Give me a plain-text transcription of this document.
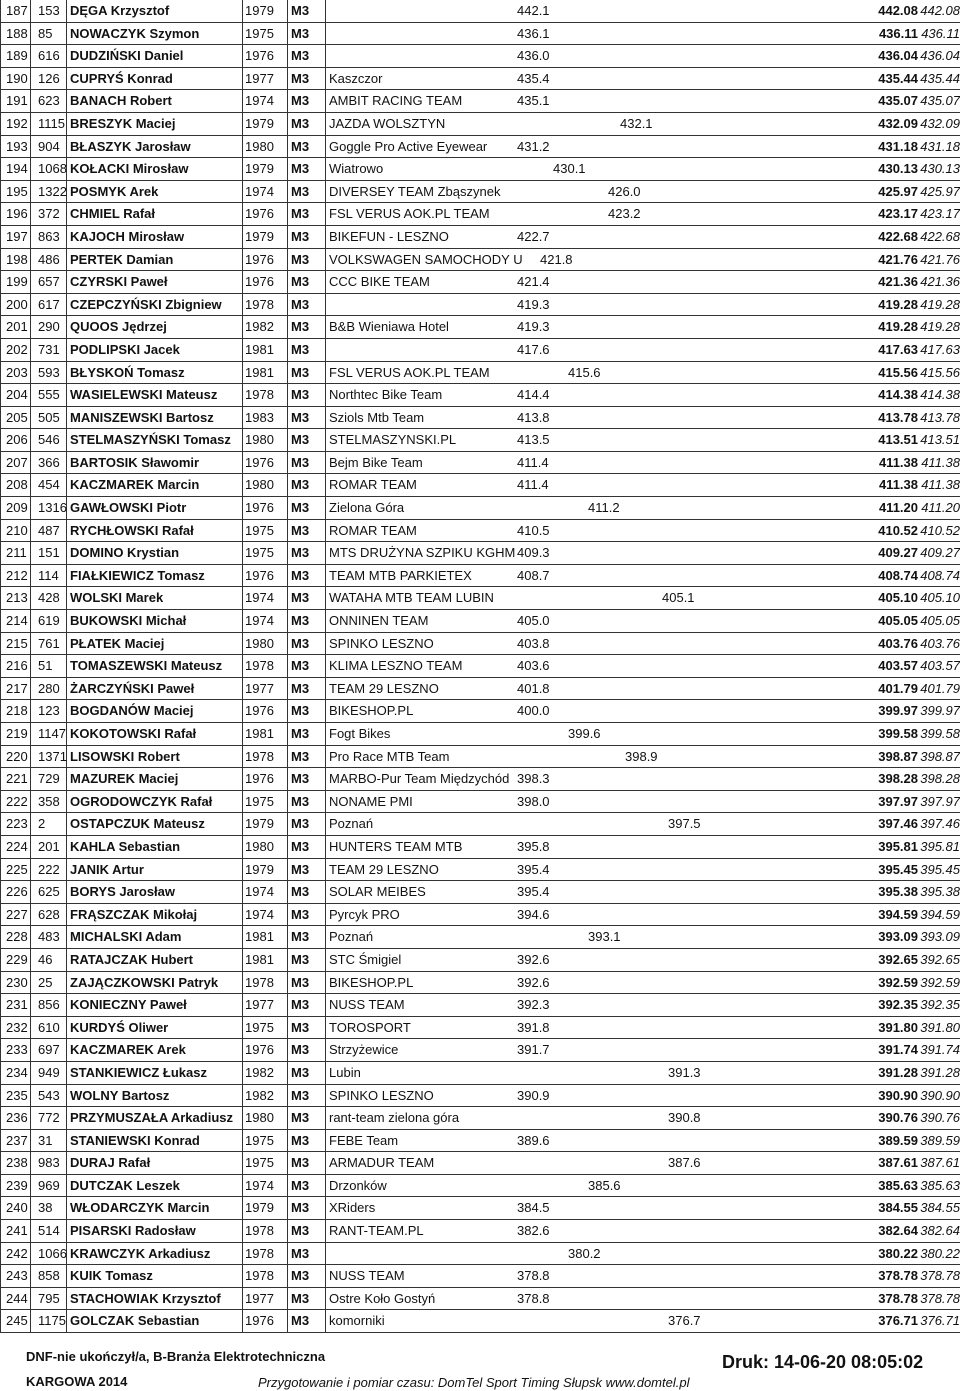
187 153 DĘGA Krzysztof	1979 M3	442.1	442.08 442.08
188 85 NOWACZYK Szymon	1975 M3	436.1	436.11 436.11
189 616 DUDZIŃSKI Daniel	1976 M3	436.0	436.04 436.04
190 126 CUPRYŚ Konrad	1977 M3 Kaszczor	435.4	435.44 435.44
191 623 BANACH Robert	1974 M3 AMBIT RACING TEAM	435.1	435.07 435.07
192 1115 BRESZYK Maciej	1979 M3 JAZDA WOLSZTYN	432.1	432.09 432.09
193 904 BŁASZYK Jarosław	1980 M3 Goggle Pro Active Eyewear 431.2	431.18 431.18
194 1068 KOŁACKI Mirosław	1979 M3 Wiatrowo	430.1	430.13 430.13
195 1322 POSMYK Arek	1974 M3 DIVERSEY TEAM Zbąszynek	426.0	425.97 425.97
196 372 CHMIEL Rafał	1976 M3 FSL VERUS AOK.PL TEAM	423.2	423.17 423.17
197 863 KAJOCH Mirosław	1979 M3 BIKEFUN - LESZNO	422.7	422.68 422.68
198 486 PERTEK Damian	1976 M3 VOLKSWAGEN SAMOCHODY U 421.8	421.76 421.76
199 657 CZYRSKI Paweł	1976 M3 CCC BIKE TEAM	421.4	421.36 421.36
200 617 CZEPCZYŃSKI Zbigniew 1978 M3	419.3	419.28 419.28
201 290 QUOOS Jędrzej	1982 M3 B&B Wieniawa Hotel	419.3	419.28 419.28
202 731 PODLIPSKI Jacek	1981 M3	417.6	417.63 417.63
203 593 BŁYSKOŃ Tomasz	1981 M3 FSL VERUS AOK.PL TEAM	415.6	415.56 415.56
204 555 WASIELEWSKI Mateusz 1978 M3 Northtec Bike Team	414.4	414.38 414.38
205 505 MANISZEWSKI Bartosz 1983 M3 Sziols Mtb Team	413.8	413.78 413.78
206 546 STELMASZYŃSKI Tomasz 1980 M3 STELMASZYNSKI.PL	413.5	413.51 413.51
207 366 BARTOSIK Sławomir	1976 M3 Bejm Bike Team	411.4	411.38 411.38
208 454 KACZMAREK Marcin	1980 M3 ROMAR TEAM	411.4	411.38 411.38
209 1316 GAWŁOWSKI Piotr	1976 M3 Zielona Góra	411.2	411.20 411.20
210 487 RYCHŁOWSKI Rafał	1975 M3 ROMAR TEAM	410.5	410.52 410.52
211 151 DOMINO Krystian	1975 M3 MTS DRUŻYNA SZPIKU KGHM 409.3	409.27 409.27
212 114 FIAŁKIEWICZ Tomasz	1976 M3 TEAM MTB PARKIETEX	408.7	408.74 408.74
213 428 WOLSKI Marek	1974 M3 WATAHA MTB TEAM LUBIN	405.1	405.10 405.10
214 619 BUKOWSKI Michał	1974 M3 ONNINEN TEAM	405.0	405.05 405.05
215 761 PŁATEK Maciej	1980 M3 SPINKO LESZNO	403.8	403.76 403.76
216 51 TOMASZEWSKI Mateusz 1978 M3 KLIMA LESZNO TEAM	403.6	403.57 403.57
217 280 ŻARCZYŃSKI Paweł	1977 M3 TEAM 29 LESZNO	401.8	401.79 401.79
218 123 BOGDANÓW Maciej	1976 M3 BIKESHOP.PL	400.0	399.97 399.97
219 1147 KOKOTOWSKI Rafał	1981 M3 Fogt Bikes	399.6	399.58 399.58
220 1371 LISOWSKI Robert	1978 M3 Pro Race MTB Team	398.9	398.87 398.87
221 729 MAZUREK Maciej	1976 M3 MARBO-Pur Team Międzychód 398.3	398.28 398.28
222 358 OGRODOWCZYK Rafał	1975 M3 NONAME PMI	398.0	397.97 397.97
223 2 OSTAPCZUK Mateusz	1979 M3 Poznań	397.5	397.46 397.46
224 201 KAHLA Sebastian	1980 M3 HUNTERS TEAM MTB	395.8	395.81 395.81
225 222 JANIK Artur	1979 M3 TEAM 29 LESZNO	395.4	395.45 395.45
226 625 BORYS Jarosław	1974 M3 SOLAR MEIBES	395.4	395.38 395.38
227 628 FRĄSZCZAK Mikołaj	1974 M3 Pyrcyk PRO	394.6	394.59 394.59
228 483 MICHALSKI Adam	1981 M3 Poznań	393.1	393.09 393.09
229 46 RATAJCZAK Hubert	1981 M3 STC Śmigiel	392.6	392.65 392.65
230 25 ZAJĄCZKOWSKI Patryk 1978 M3 BIKESHOP.PL	392.6	392.59 392.59
231 856 KONIECZNY Paweł	1977 M3 NUSS TEAM	392.3	392.35 392.35
232 610 KURDYŚ Oliwer	1975 M3 TOROSPORT	391.8	391.80 391.80
233 697 KACZMAREK Arek	1976 M3 Strzyżewice	391.7	391.74 391.74
234 949 STANKIEWICZ Łukasz	1982 M3 Lubin	391.3	391.28 391.28
235 543 WOLNY Bartosz	1982 M3 SPINKO LESZNO	390.9	390.90 390.90
236 772 PRZYMUSZAŁA Arkadiusz 1980 M3 rant-team zielona góra	390.8	390.76 390.76
237 31 STANIEWSKI Konrad	1975 M3 FEBE Team	389.6	389.59 389.59
238 983 DURAJ Rafał	1975 M3 ARMADUR TEAM	387.6	387.61 387.61
239 969 DUTCZAK Leszek	1974 M3 Drzonków	385.6	385.63 385.63
240 38 WŁODARCZYK Marcin	1979 M3 XRiders	384.5	384.55 384.55
241 514 PISARSKI Radosław	1978 M3 RANT-TEAM.PL	382.6	382.64 382.64
242 1066 KRAWCZYK Arkadiusz	1978 M3	380.2	380.22 380.22
243 858 KUIK Tomasz	1978 M3 NUSS TEAM	378.8	378.78 378.78
244 795 STACHOWIAK Krzysztof 1977 M3 Ostre Koło Gostyń	378.8	378.78 378.78
245 1175 GOLCZAK Sebastian	1976 M3 komorniki	376.7	376.71 376.71
DNF-nie ukończył/a, B-Branża Elektrotechniczna
KARGOWA 2014
Druk: 14-06-20 08:05:02
Przygotowanie i pomiar czasu: DomTel Sport Timing Słupsk www.domtel.pl
